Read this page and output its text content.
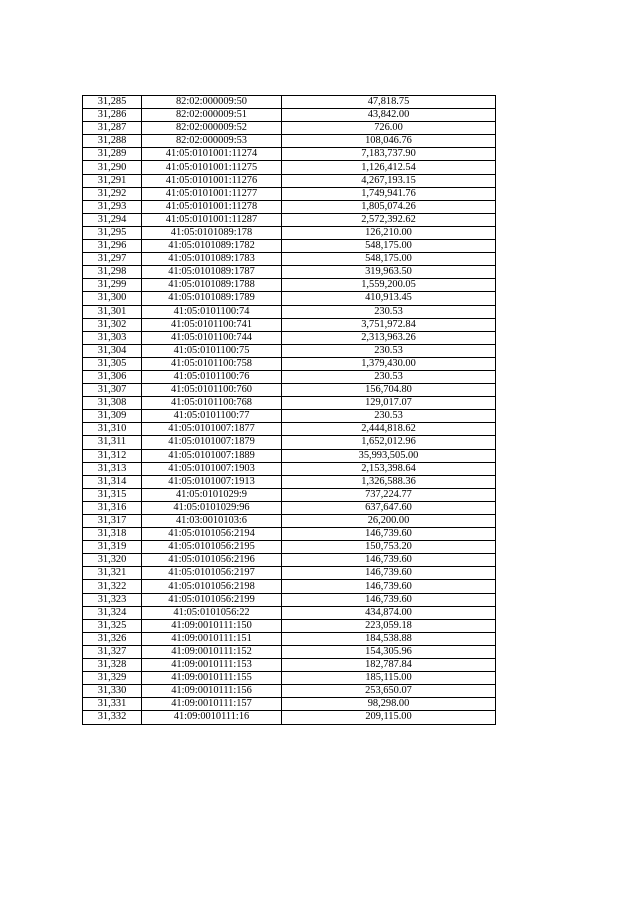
31,285	82:02:000009:50	47,818.75
31,286	82:02:000009:51	43,842.00
31,287	82:02:000009:52	726.00
31,288	82:02:000009:53	108,046.76
31,289	41:05:0101001:11274	7,183,737.90
31,290	41:05:0101001:11275	1,126,412.54
31,291	41:05:0101001:11276	4,267,193.15
31,292	41:05:0101001:11277	1,749,941.76
31,293	41:05:0101001:11278	1,805,074.26
31,294	41:05:0101001:11287	2,572,392.62
31,295	41:05:0101089:178	126,210.00
31,296	41:05:0101089:1782	548,175.00
31,297	41:05:0101089:1783	548,175.00
31,298	41:05:0101089:1787	319,963.50
31,299	41:05:0101089:1788	1,559,200.05
31,300	41:05:0101089:1789	410,913.45
31,301	41:05:0101100:74	230.53
31,302	41:05:0101100:741	3,751,972.84
31,303	41:05:0101100:744	2,313,963.26
31,304	41:05:0101100:75	230.53
31,305	41:05:0101100:758	1,379,430.00
31,306	41:05:0101100:76	230.53
31,307	41:05:0101100:760	156,704.80
31,308	41:05:0101100:768	129,017.07
31,309	41:05:0101100:77	230.53
31,310	41:05:0101007:1877	2,444,818.62
31,311	41:05:0101007:1879	1,652,012.96
31,312	41:05:0101007:1889	35,993,505.00
31,313	41:05:0101007:1903	2,153,398.64
31,314	41:05:0101007:1913	1,326,588.36
31,315	41:05:0101029:9	737,224.77
31,316	41:05:0101029:96	637,647.60
31,317	41:03:0010103:6	26,200.00
31,318	41:05:0101056:2194	146,739.60
31,319	41:05:0101056:2195	150,753.20
31,320	41:05:0101056:2196	146,739.60
31,321	41:05:0101056:2197	146,739.60
31,322	41:05:0101056:2198	146,739.60
31,323	41:05:0101056:2199	146,739.60
31,324	41:05:0101056:22	434,874.00
31,325	41:09:0010111:150	223,059.18
31,326	41:09:0010111:151	184,538.88
31,327	41:09:0010111:152	154,305.96
31,328	41:09:0010111:153	182,787.84
31,329	41:09:0010111:155	185,115.00
31,330	41:09:0010111:156	253,650.07
31,331	41:09:0010111:157	98,298.00
31,332	41:09:0010111:16	209,115.00
